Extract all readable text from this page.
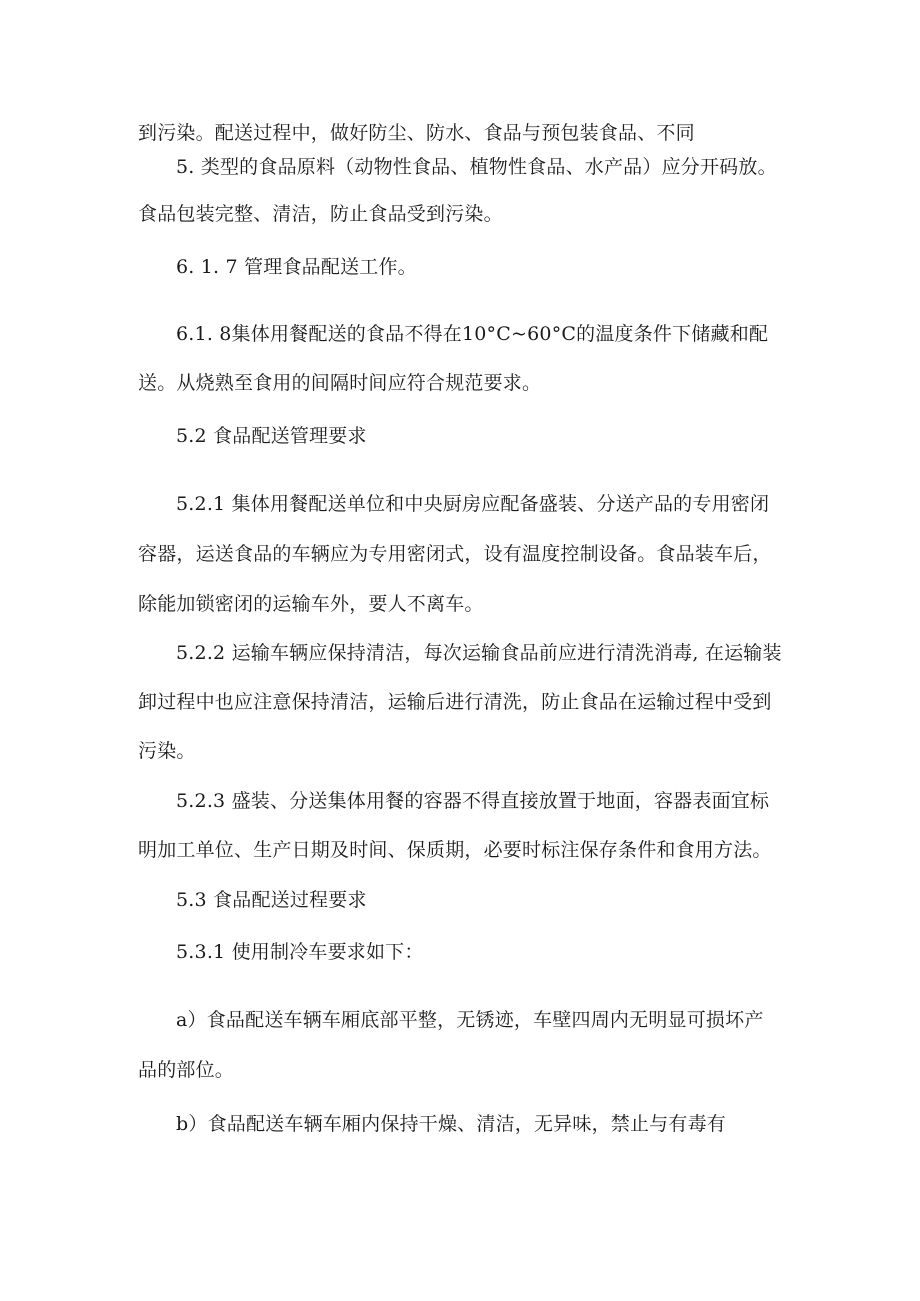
到污染。配送过程中，做好防尘、防水、食品与预包装食品、不同
5. 类型的食品原料（动物性食品、植物性食品、水产品）应分开码放。
食品包装完整、清洁，防止食品受到污染。
6. 1. 7 管理食品配送工作。
6.1. 8集体用餐配送的食品不得在10°C~60°C的温度条件下储藏和配
送。从烧熟至食用的间隔时间应符合规范要求。
5.2 食品配送管理要求
5.2.1 集体用餐配送单位和中央厨房应配备盛装、分送产品的专用密闭
容器，运送食品的车辆应为专用密闭式，设有温度控制设备。食品装车后，
除能加锁密闭的运输车外，要人不离车。
5.2.2 运输车辆应保持清洁，每次运输食品前应进行清洗消毒, 在运输装
卸过程中也应注意保持清洁，运输后进行清洗，防止食品在运输过程中受到
污染。
5.2.3 盛装、分送集体用餐的容器不得直接放置于地面，容器表面宜标
明加工单位、生产日期及时间、保质期，必要时标注保存条件和食用方法。
5.3 食品配送过程要求
5.3.1 使用制冷车要求如下：
a）食品配送车辆车厢底部平整，无锈迹，车壁四周内无明显可损坏产
品的部位。
b）食品配送车辆车厢内保持干燥、清洁，无异味，禁止与有毒有
